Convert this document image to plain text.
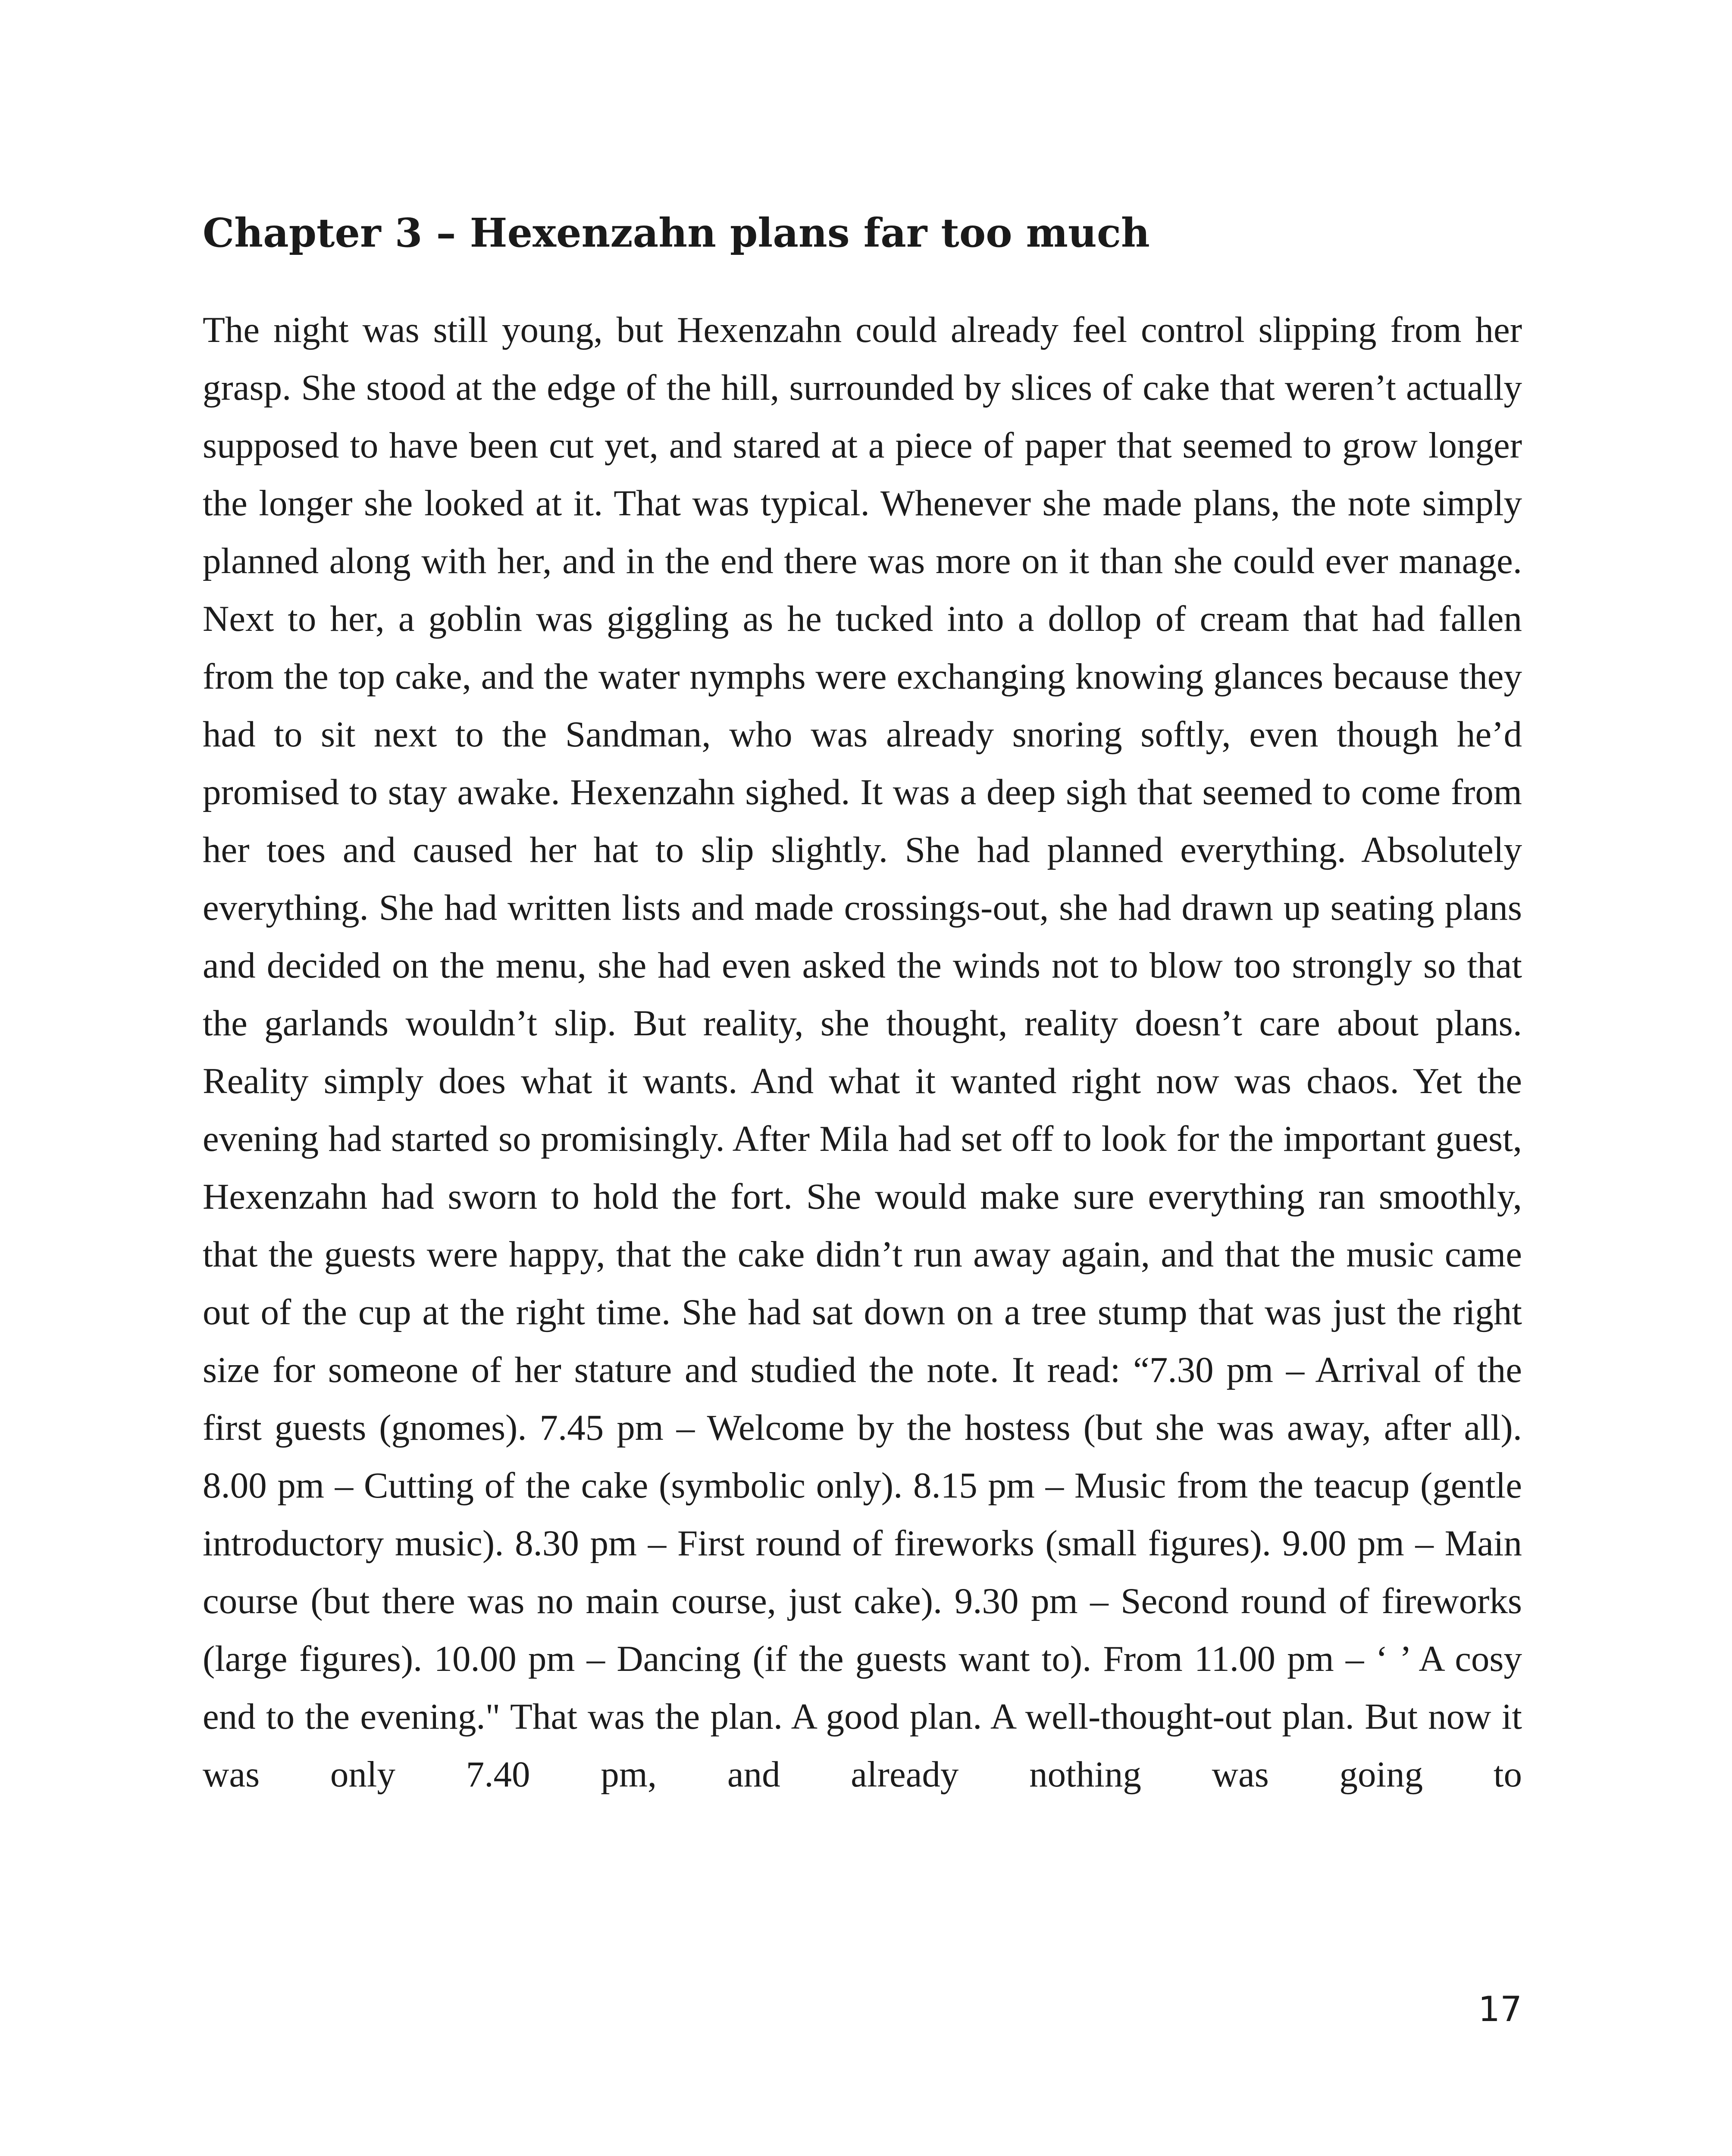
Chapter 3 – Hexenzahn plans far too much

The night was still young, but Hexenzahn could already feel control slipping from her grasp. She stood at the edge of the hill, surrounded by slices of cake that weren’t actually supposed to have been cut yet, and stared at a piece of paper that seemed to grow longer the longer she looked at it. That was typical. Whenever she made plans, the note simply planned along with her, and in the end there was more on it than she could ever manage. Next to her, a goblin was giggling as he tucked into a dollop of cream that had fallen from the top cake, and the water nymphs were exchanging knowing glances because they had to sit next to the Sandman, who was already snoring softly, even though he’d promised to stay awake. Hexenzahn sighed. It was a deep sigh that seemed to come from her toes and caused her hat to slip slightly. She had planned everything. Absolutely everything. She had written lists and made crossings-out, she had drawn up seating plans and decided on the menu, she had even asked the winds not to blow too strongly so that the garlands wouldn’t slip. But reality, she thought, reality doesn’t care about plans. Reality simply does what it wants. And what it wanted right now was chaos. Yet the evening had started so promisingly. After Mila had set off to look for the important guest, Hexenzahn had sworn to hold the fort. She would make sure everything ran smoothly, that the guests were happy, that the cake didn’t run away again, and that the music came out of the cup at the right time. She had sat down on a tree stump that was just the right size for someone of her stature and studied the note. It read: “7.30 pm – Arrival of the first guests (gnomes). 7.45 pm – Welcome by the hostess (but she was away, after all). 8.00 pm – Cutting of the cake (symbolic only). 8.15 pm – Music from the teacup (gentle introductory music). 8.30 pm – First round of fireworks (small figures). 9.00 pm – Main course (but there was no main course, just cake). 9.30 pm – Second round of fireworks (large figures). 10.00 pm – Dancing (if the guests want to). From 11.00 pm – ‘ ’ A cosy end to the evening." That was the plan. A good plan. A well-thought-out plan. But now it was only 7.40 pm, and already nothing was going to

17
